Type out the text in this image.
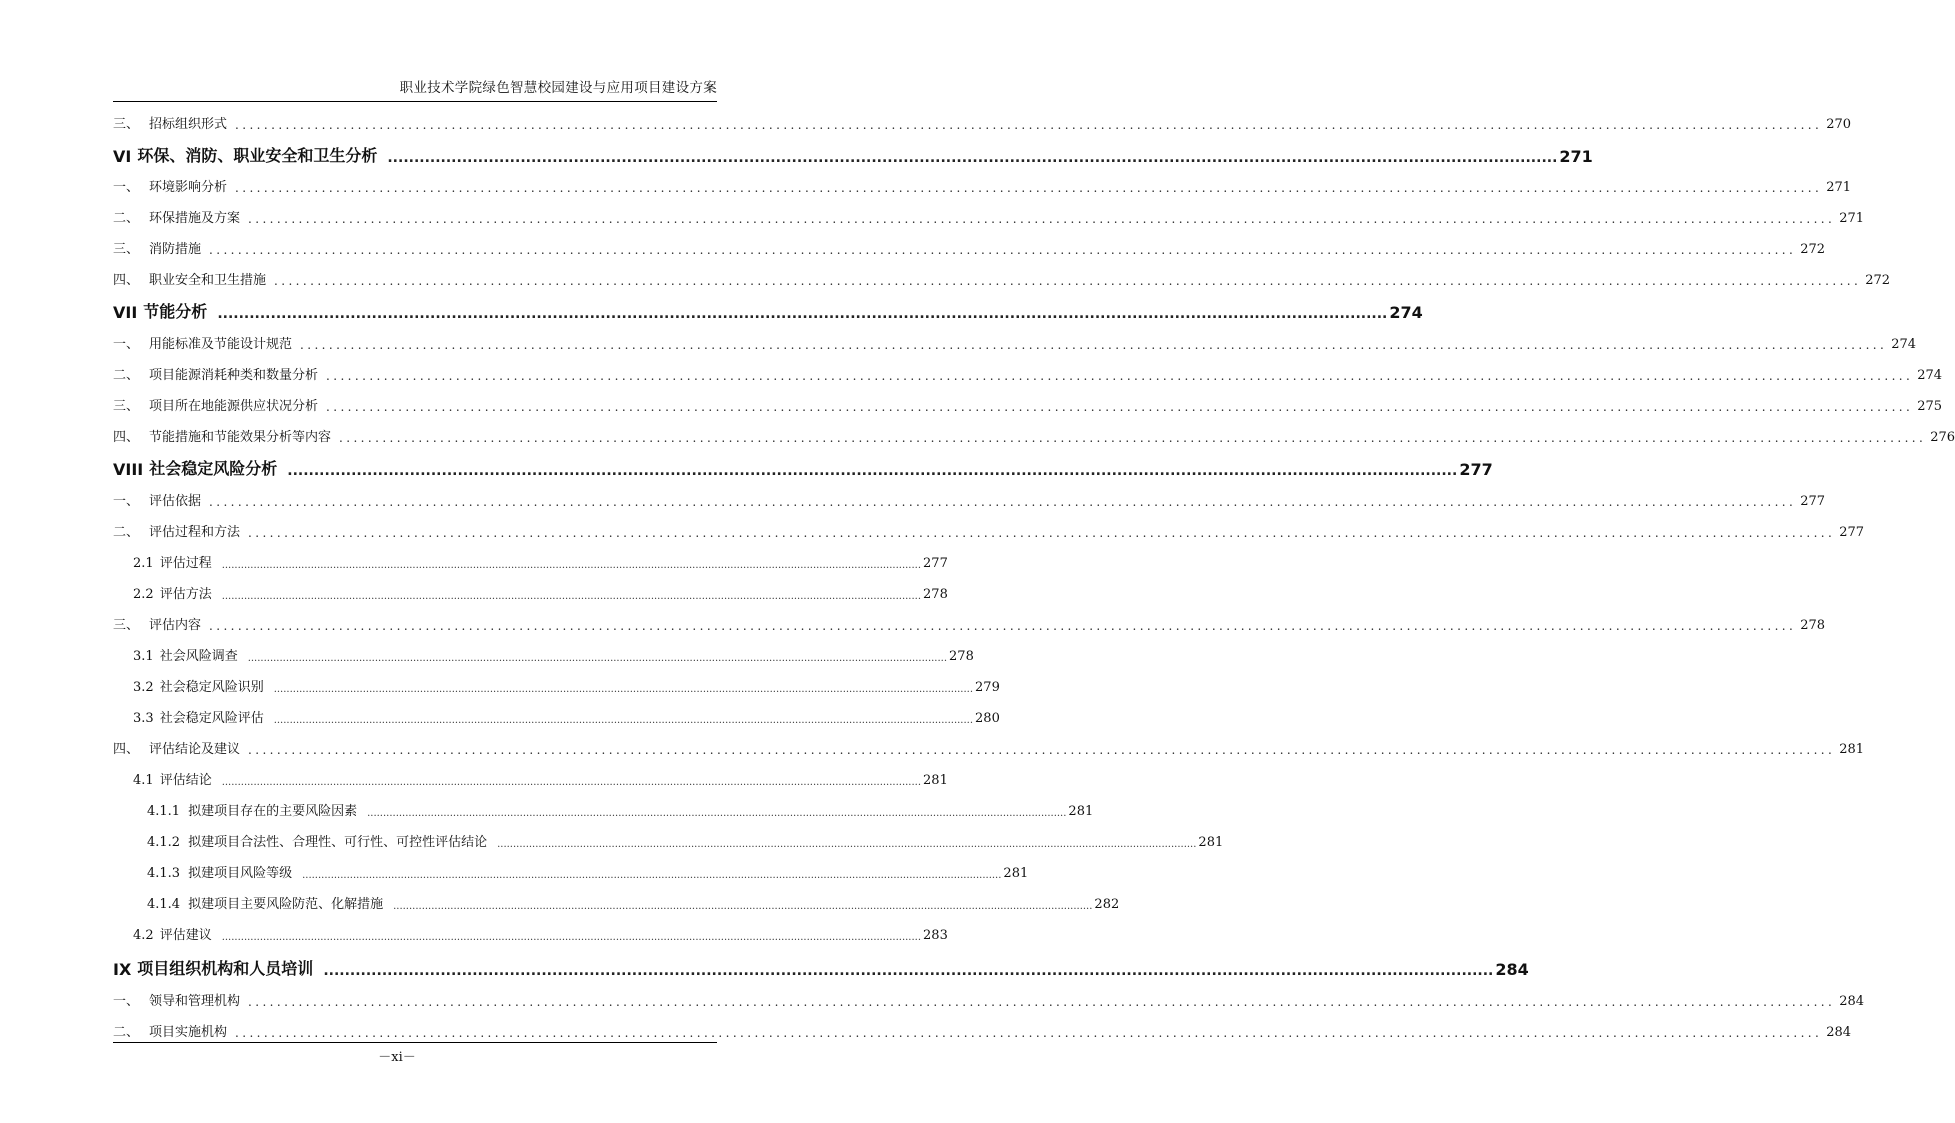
职业技术学院绿色智慧校园建设与应用项目建设方案
三、 招标组织形式 ............................................................................................................................................................................................................................ 270
VI 环保、消防、职业安全和卫生分析 ............................................................................................................................................................................................................................ 271
一、 环境影响分析 ............................................................................................................................................................................................................................ 271
二、 环保措施及方案 ............................................................................................................................................................................................................................ 271
三、 消防措施 ............................................................................................................................................................................................................................ 272
四、 职业安全和卫生措施 ............................................................................................................................................................................................................................ 272
VII 节能分析 ............................................................................................................................................................................................................................ 274
一、 用能标准及节能设计规范 ............................................................................................................................................................................................................................ 274
二、 项目能源消耗种类和数量分析 ............................................................................................................................................................................................................................ 274
三、 项目所在地能源供应状况分析 ............................................................................................................................................................................................................................ 275
四、 节能措施和节能效果分析等内容 ............................................................................................................................................................................................................................ 276
VIII 社会稳定风险分析 ............................................................................................................................................................................................................................ 277
一、 评估依据 ............................................................................................................................................................................................................................ 277
二、 评估过程和方法 ............................................................................................................................................................................................................................ 277
2.1 评估过程 ............................................................................................................................................................................................................................ 277
2.2 评估方法 ............................................................................................................................................................................................................................ 278
三、 评估内容 ............................................................................................................................................................................................................................ 278
3.1 社会风险调查 ............................................................................................................................................................................................................................ 278
3.2 社会稳定风险识别 ............................................................................................................................................................................................................................ 279
3.3 社会稳定风险评估 ............................................................................................................................................................................................................................ 280
四、 评估结论及建议 ............................................................................................................................................................................................................................ 281
4.1 评估结论 ............................................................................................................................................................................................................................ 281
4.1.1 拟建项目存在的主要风险因素 ............................................................................................................................................................................................................................ 281
4.1.2 拟建项目合法性、合理性、可行性、可控性评估结论 ............................................................................................................................................................................................................................ 281
4.1.3 拟建项目风险等级 ............................................................................................................................................................................................................................ 281
4.1.4 拟建项目主要风险防范、化解措施 ............................................................................................................................................................................................................................ 282
4.2 评估建议 ............................................................................................................................................................................................................................ 283
IX 项目组织机构和人员培训 ............................................................................................................................................................................................................................ 284
一、 领导和管理机构 ............................................................................................................................................................................................................................ 284
二、 项目实施机构 ............................................................................................................................................................................................................................ 284
－xi－
